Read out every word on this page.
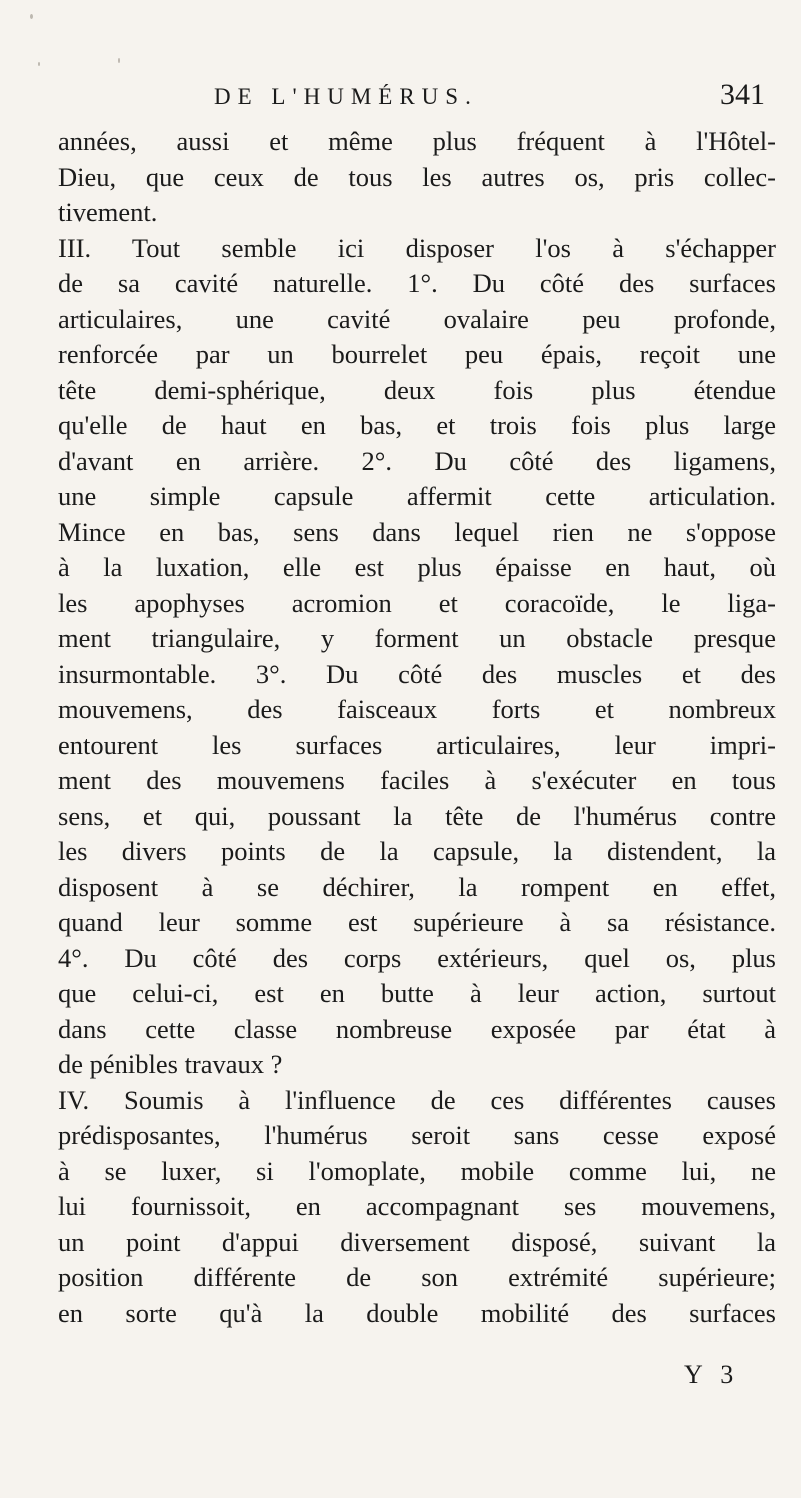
DE L'HUMÉRUS.	341
années, aussi et même plus fréquent à l'Hôtel-
Dieu, que ceux de tous les autres os, pris collec-
tivement.
III. Tout semble ici disposer l'os à s'échapper
de sa cavité naturelle. 1°. Du côté des surfaces
articulaires, une cavité ovalaire peu profonde,
renforcée par un bourrelet peu épais, reçoit une
tête demi-sphérique, deux fois plus étendue
qu'elle de haut en bas, et trois fois plus large
d'avant en arrière. 2°. Du côté des ligamens,
une simple capsule affermit cette articulation.
Mince en bas, sens dans lequel rien ne s'oppose
à la luxation, elle est plus épaisse en haut, où
les apophyses acromion et coracoïde, le liga-
ment triangulaire, y forment un obstacle presque
insurmontable. 3°. Du côté des muscles et des
mouvemens, des faisceaux forts et nombreux
entourent les surfaces articulaires, leur impri-
ment des mouvemens faciles à s'exécuter en tous
sens, et qui, poussant la tête de l'humérus contre
les divers points de la capsule, la distendent, la
disposent à se déchirer, la rompent en effet,
quand leur somme est supérieure à sa résistance.
4°. Du côté des corps extérieurs, quel os, plus
que celui-ci, est en butte à leur action, surtout
dans cette classe nombreuse exposée par état à
de pénibles travaux ?
IV. Soumis à l'influence de ces différentes causes
prédisposantes, l'humérus seroit sans cesse exposé
à se luxer, si l'omoplate, mobile comme lui, ne
lui fournissoit, en accompagnant ses mouvemens,
un point d'appui diversement disposé, suivant la
position différente de son extrémité supérieure;
en sorte qu'à la double mobilité des surfaces
Y 3
